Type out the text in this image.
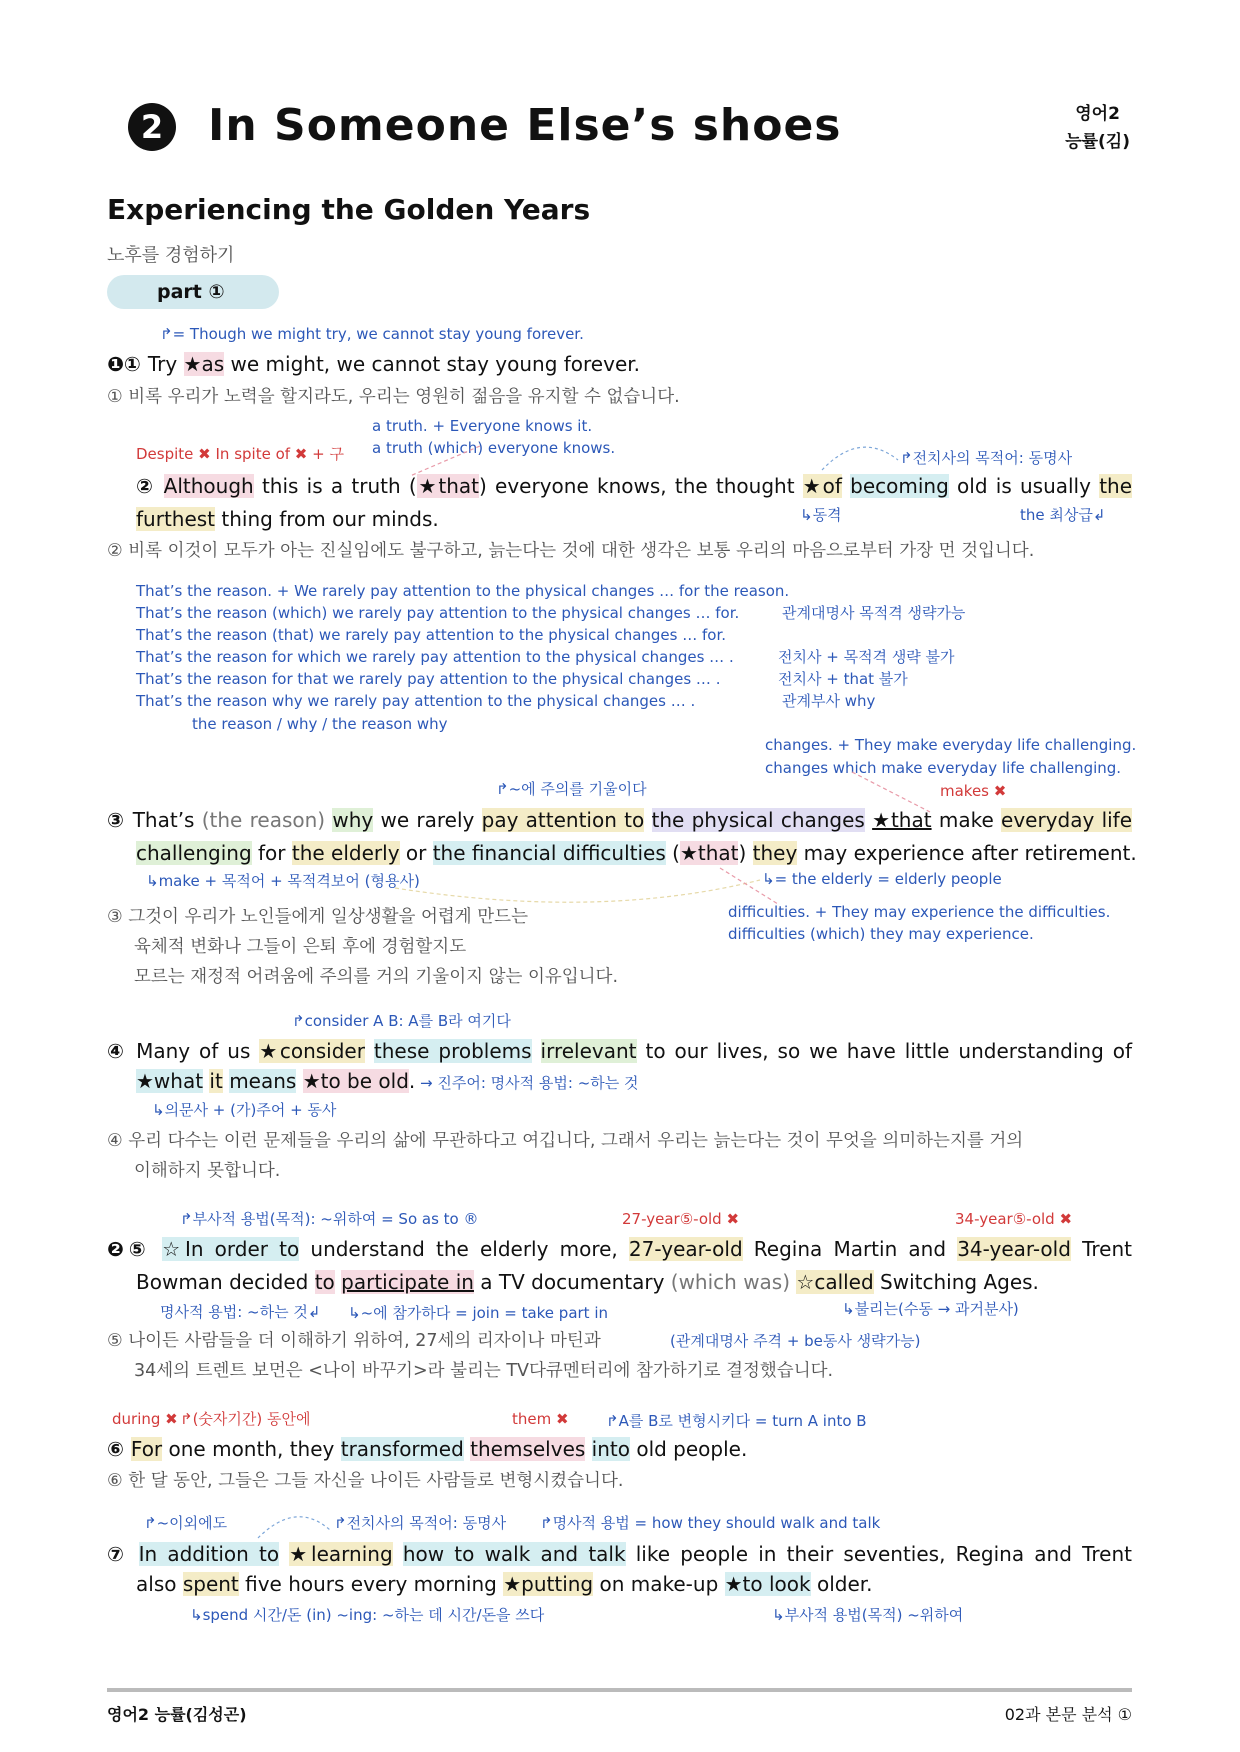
2 In Someone Else’s shoes	영어2
능률(김)
Experiencing the Golden Years
노후를 경험하기
part ①
↱= Though we might try, we cannot stay young forever.
❶① Try ★as we might, we cannot stay young forever.
① 비록 우리가 노력을 할지라도, 우리는 영원히 젊음을 유지할 수 없습니다.
a truth. + Everyone knows it.
a truth (which) everyone knows.
Despite ✖ In spite of ✖ + 구	↱전치사의 목적어: 동명사
② Although this is a truth (★that) everyone knows, the thought ★of becoming old is usually the
furthest thing from our minds.	↳동격	the 최상급↲
② 비록 이것이 모두가 아는 진실임에도 불구하고, 늙는다는 것에 대한 생각은 보통 우리의 마음으로부터 가장 먼 것입니다.
That’s the reason. + We rarely pay attention to the physical changes … for the reason.
That’s the reason (which) we rarely pay attention to the physical changes … for.	관계대명사 목적격 생략가능
That’s the reason (that) we rarely pay attention to the physical changes … for.
That’s the reason for which we rarely pay attention to the physical changes … .	전치사 + 목적격 생략 불가
That’s the reason for that we rarely pay attention to the physical changes … .	전치사 + that 불가
That’s the reason why we rarely pay attention to the physical changes … .	관계부사 why
the reason / why / the reason why
changes. + They make everyday life challenging.
changes which make everyday life challenging.
makes ✖
↱~에 주의를 기울이다
③ That’s (the reason) why we rarely pay attention to the physical changes ★that make everyday life
challenging for the elderly or the financial difficulties (★that) they may experience after retirement.
↳make + 목적어 + 목적격보어 (형용사)	↳= the elderly = elderly people
difficulties. + They may experience the difficulties.
difficulties (which) they may experience.
③ 그것이 우리가 노인들에게 일상생활을 어렵게 만드는
육체적 변화나 그들이 은퇴 후에 경험할지도
모르는 재정적 어려움에 주의를 거의 기울이지 않는 이유입니다.
↱consider A B: A를 B라 여기다
④ Many of us ★consider these problems irrelevant to our lives, so we have little understanding of
★what it means ★to be old. → 진주어: 명사적 용법: ~하는 것
↳의문사 + (가)주어 + 동사
④ 우리 다수는 이런 문제들을 우리의 삶에 무관하다고 여깁니다, 그래서 우리는 늙는다는 것이 무엇을 의미하는지를 거의
이해하지 못합니다.
↱부사적 용법(목적): ~위하여 = So as to ®	27-year⑤-old ✖	34-year⑤-old ✖
❷⑤ ☆In order to understand the elderly more, 27-year-old Regina Martin and 34-year-old Trent
Bowman decided to participate in a TV documentary (which was) ☆called Switching Ages.
명사적 용법: ~하는 것↲ ↳~에 참가하다 = join = take part in	↳불리는(수동 → 과거분사)
⑤ 나이든 사람들을 더 이해하기 위하여, 27세의 리자이나 마틴과	(관계대명사 주격 + be동사 생략가능)
34세의 트렌트 보먼은 <나이 바꾸기>라 불리는 TV다큐멘터리에 참가하기로 결정했습니다.
during ✖ ↱(숫자기간) 동안에	them ✖ ↱A를 B로 변형시키다 = turn A into B
⑥ For one month, they transformed themselves into old people.
⑥ 한 달 동안, 그들은 그들 자신을 나이든 사람들로 변형시켰습니다.
↱~이외에도	↱전치사의 목적어: 동명사 ↱명사적 용법 = how they should walk and talk
⑦ In addition to ★learning how to walk and talk like people in their seventies, Regina and Trent
also spent five hours every morning ★putting on make-up ★to look older.
↳spend 시간/돈 (in) ~ing: ~하는 데 시간/돈을 쓰다	↳부사적 용법(목적) ~위하여
영어2 능률(김성곤)	02과 본문 분석 ①
